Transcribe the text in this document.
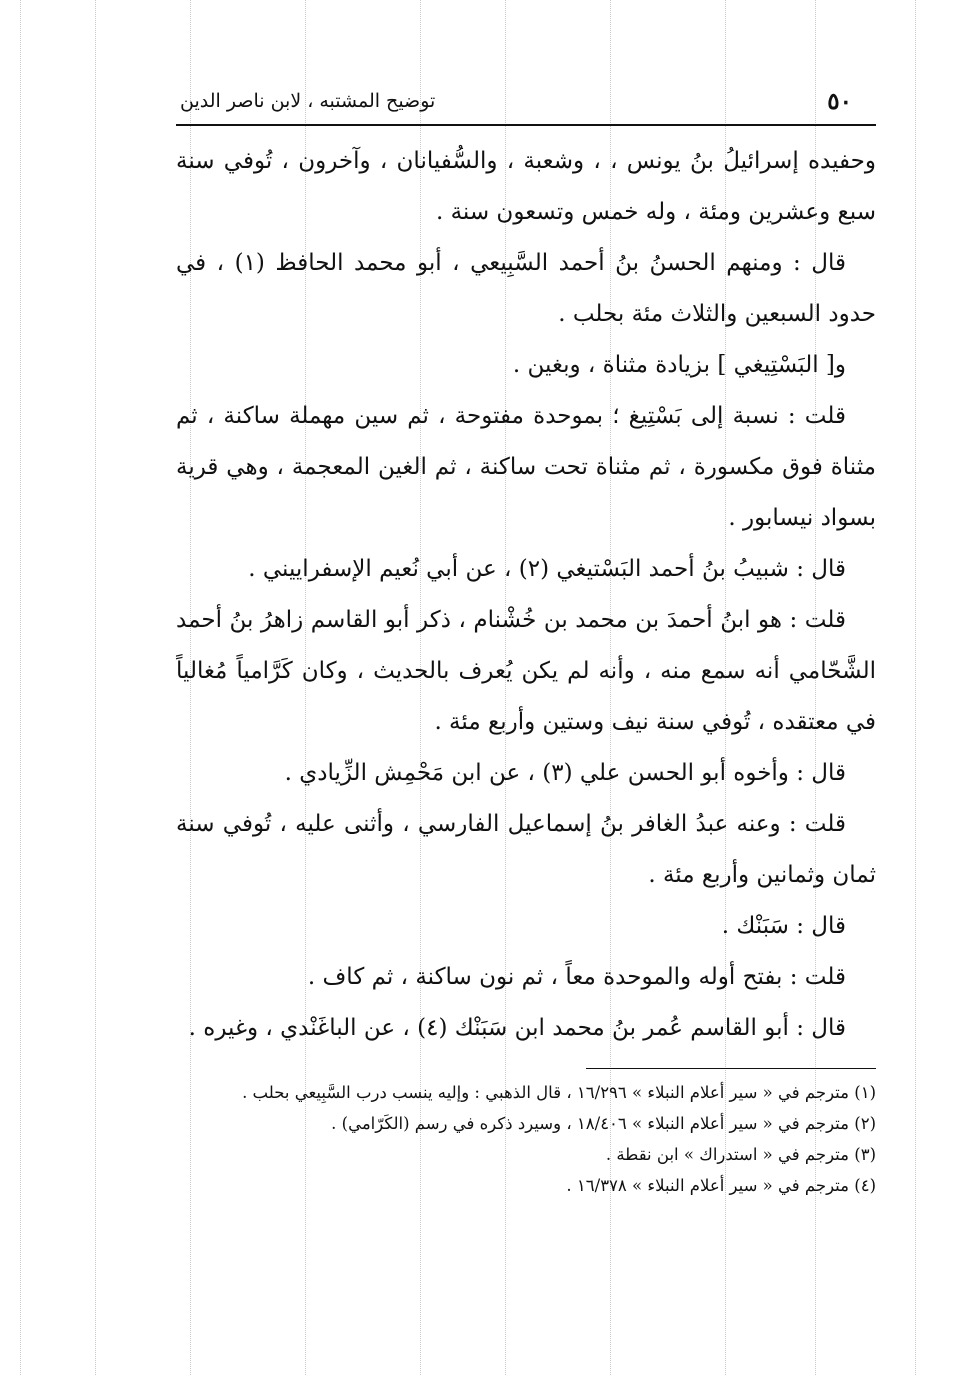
٥٠
توضيح المشتبه ، لابن ناصر الدين

وحفيده إسرائيلُ بنُ يونس ، ، وشعبة ، والسُّفيانان ، وآخرون ، تُوفي سنة سبع وعشرين ومئة ، وله خمس وتسعون سنة .

قال : ومنهم الحسنُ بنُ أحمد السَّبِيعي ، أبو محمد الحافظ (١) ، في حدود السبعين والثلاث مئة بحلب .

و[ البَسْتِيغي ] بزيادة مثناة ، وبغين .

قلت : نسبة إلى بَسْتِيغ ؛ بموحدة مفتوحة ، ثم سين مهملة ساكنة ، ثم مثناة فوق مكسورة ، ثم مثناة تحت ساكنة ، ثم الغين المعجمة ، وهي قرية بسواد نيسابور .

قال : شبيبُ بنُ أحمد البَسْتيغي (٢) ، عن أبي نُعيم الإسفراييني .

قلت : هو ابنُ أحمدَ بن محمد بن خُشْنام ، ذكر أبو القاسم زاهرُ بنُ أحمد الشَّحّامي أنه سمع منه ، وأنه لم يكن يُعرف بالحديث ، وكان كَرَّامياً مُغالياً في معتقده ، تُوفي سنة نيف وستين وأربع مئة .

قال : وأخوه أبو الحسن علي (٣) ، عن ابن مَحْمِش الزِّيادي .

قلت : وعنه عبدُ الغافر بنُ إسماعيل الفارسي ، وأثنى عليه ، تُوفي سنة ثمان وثمانين وأربع مئة .

قال : سَبَنْك .

قلت : بفتح أوله والموحدة معاً ، ثم نون ساكنة ، ثم كاف .

قال : أبو القاسم عُمر بنُ محمد ابن سَبَنْك (٤) ، عن الباغَنْدي ، وغيره .

(١) مترجم في « سير أعلام النبلاء » ١٦/٢٩٦ ، قال الذهبي : وإليه ينسب درب السَّبِيعي بحلب .

(٢) مترجم في « سير أعلام النبلاء » ١٨/٤٠٦ ، وسيرد ذكره في رسم (الكَرّامي) .

(٣) مترجم في « استدراك » ابن نقطة .

(٤) مترجم في « سير أعلام النبلاء » ١٦/٣٧٨ .
